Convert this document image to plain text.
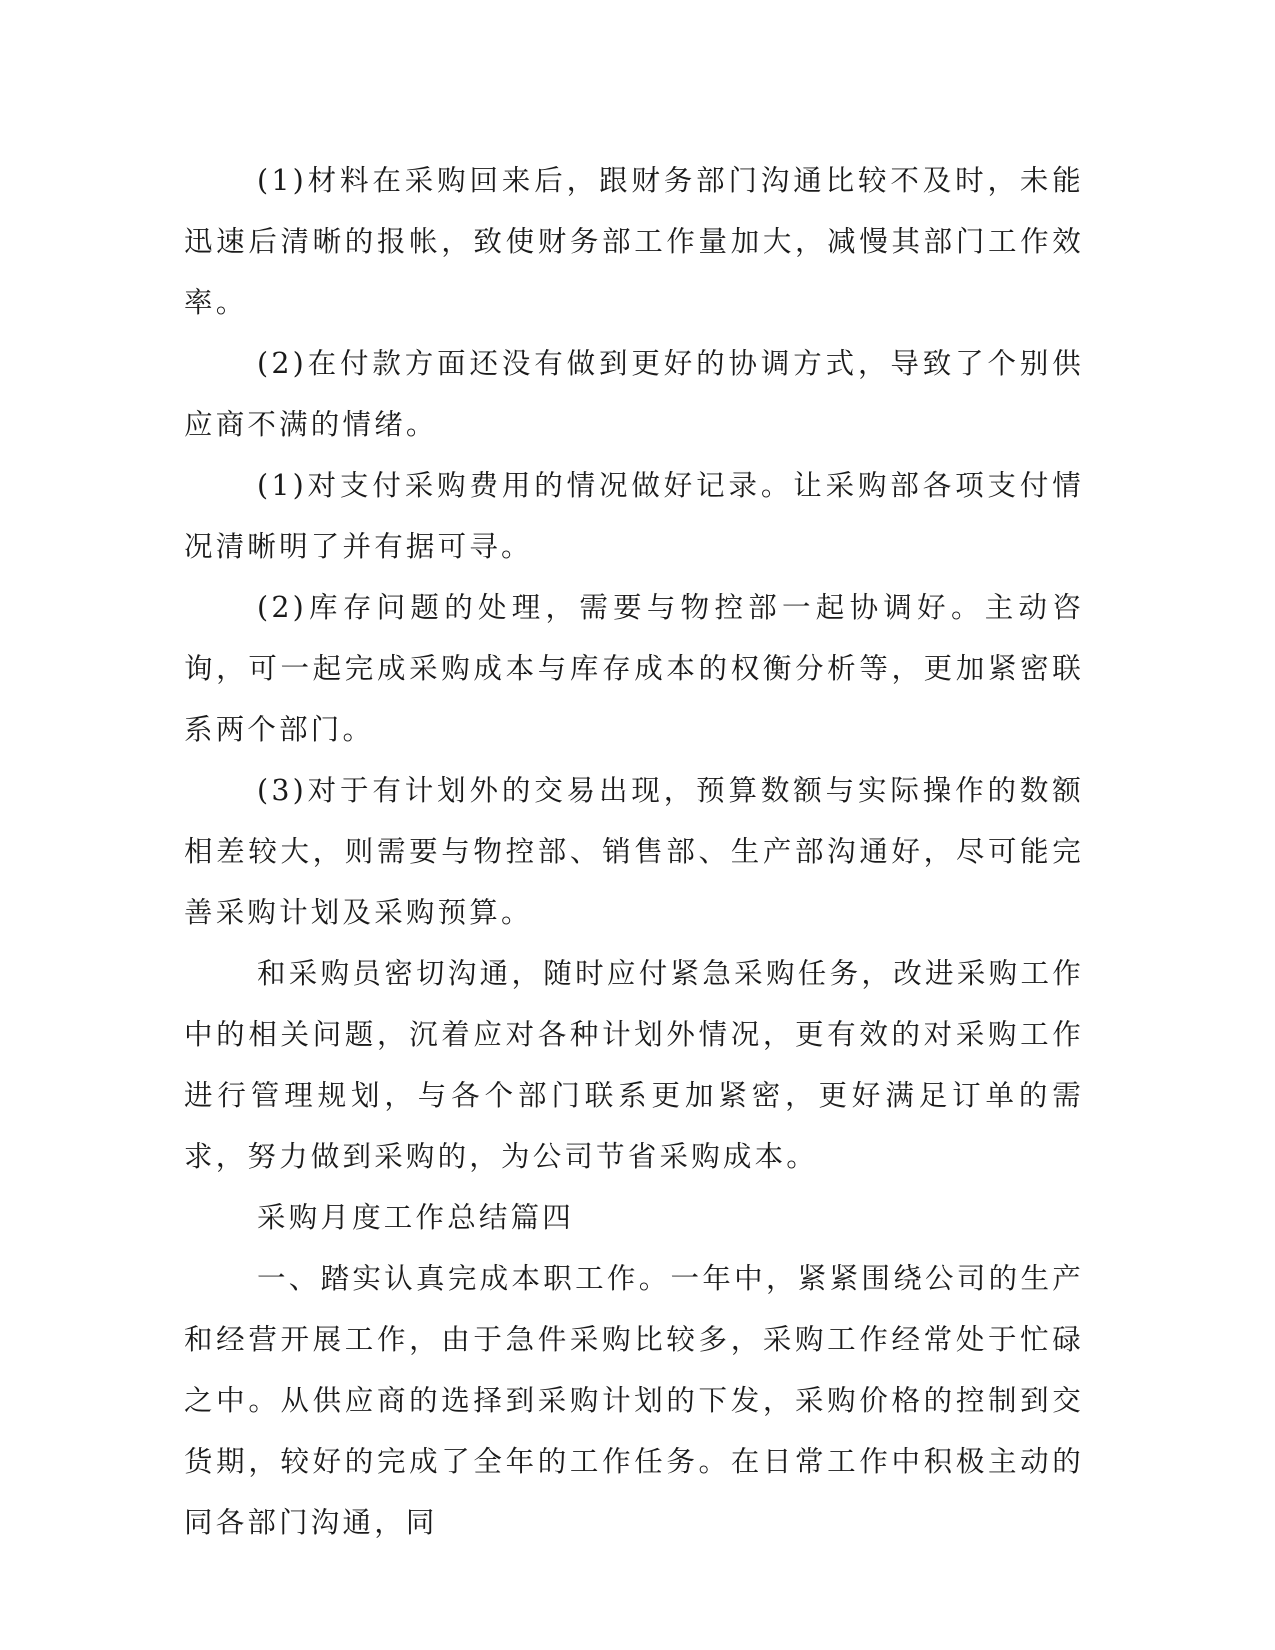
(1)材料在采购回来后，跟财务部门沟通比较不及时，未能迅速后清晰的报帐，致使财务部工作量加大，减慢其部门工作效率。

(2)在付款方面还没有做到更好的协调方式，导致了个别供应商不满的情绪。

(1)对支付采购费用的情况做好记录。让采购部各项支付情况清晰明了并有据可寻。

(2)库存问题的处理，需要与物控部一起协调好。主动咨询，可一起完成采购成本与库存成本的权衡分析等，更加紧密联系两个部门。

(3)对于有计划外的交易出现，预算数额与实际操作的数额相差较大，则需要与物控部、销售部、生产部沟通好，尽可能完善采购计划及采购预算。

和采购员密切沟通，随时应付紧急采购任务，改进采购工作中的相关问题，沉着应对各种计划外情况，更有效的对采购工作进行管理规划，与各个部门联系更加紧密，更好满足订单的需求，努力做到采购的，为公司节省采购成本。

采购月度工作总结篇四

一、踏实认真完成本职工作。一年中，紧紧围绕公司的生产和经营开展工作，由于急件采购比较多，采购工作经常处于忙碌之中。从供应商的选择到采购计划的下发，采购价格的控制到交货期，较好的完成了全年的工作任务。在日常工作中积极主动的同各部门沟通，同
